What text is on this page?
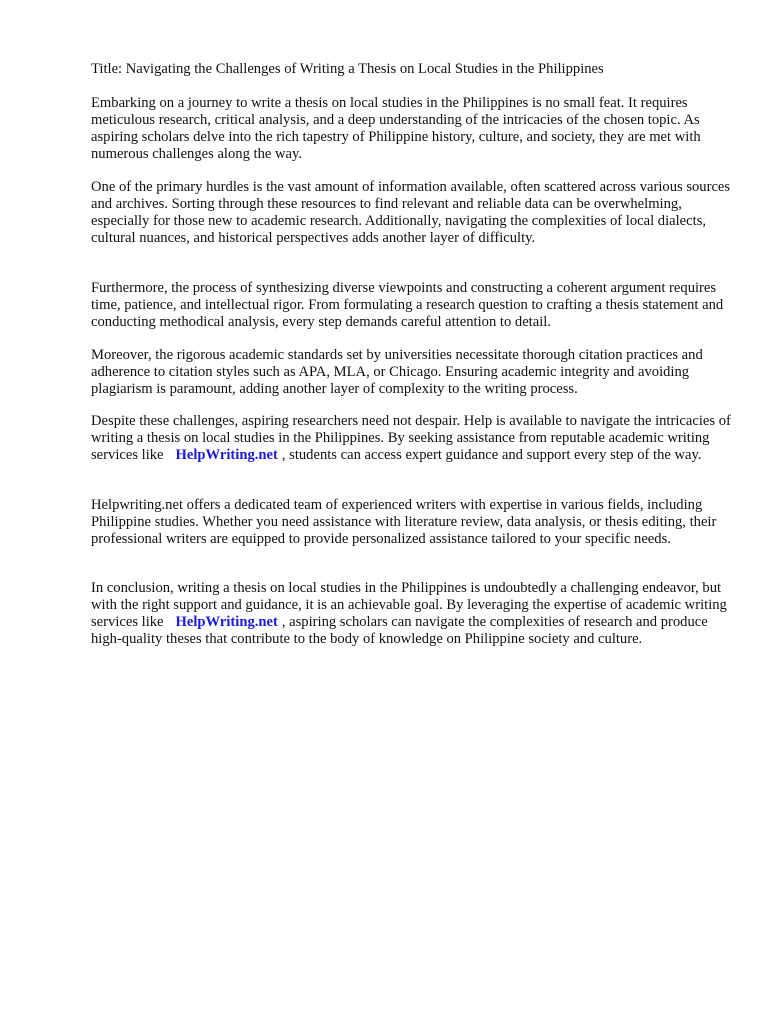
Title: Navigating the Challenges of Writing a Thesis on Local Studies in the Philippines

Embarking on a journey to write a thesis on local studies in the Philippines is no small feat. It requires meticulous research, critical analysis, and a deep understanding of the intricacies of the chosen topic. As aspiring scholars delve into the rich tapestry of Philippine history, culture, and society, they are met with numerous challenges along the way.

One of the primary hurdles is the vast amount of information available, often scattered across various sources and archives. Sorting through these resources to find relevant and reliable data can be overwhelming, especially for those new to academic research. Additionally, navigating the complexities of local dialects, cultural nuances, and historical perspectives adds another layer of difficulty.

Furthermore, the process of synthesizing diverse viewpoints and constructing a coherent argument requires time, patience, and intellectual rigor. From formulating a research question to crafting a thesis statement and conducting methodical analysis, every step demands careful attention to detail.

Moreover, the rigorous academic standards set by universities necessitate thorough citation practices and adherence to citation styles such as APA, MLA, or Chicago. Ensuring academic integrity and avoiding plagiarism is paramount, adding another layer of complexity to the writing process.

Despite these challenges, aspiring researchers need not despair. Help is available to navigate the intricacies of writing a thesis on local studies in the Philippines. By seeking assistance from reputable academic writing services like HelpWriting.net , students can access expert guidance and support every step of the way.

Helpwriting.net offers a dedicated team of experienced writers with expertise in various fields, including Philippine studies. Whether you need assistance with literature review, data analysis, or thesis editing, their professional writers are equipped to provide personalized assistance tailored to your specific needs.

In conclusion, writing a thesis on local studies in the Philippines is undoubtedly a challenging endeavor, but with the right support and guidance, it is an achievable goal. By leveraging the expertise of academic writing services like HelpWriting.net , aspiring scholars can navigate the complexities of research and produce high-quality theses that contribute to the body of knowledge on Philippine society and culture.
